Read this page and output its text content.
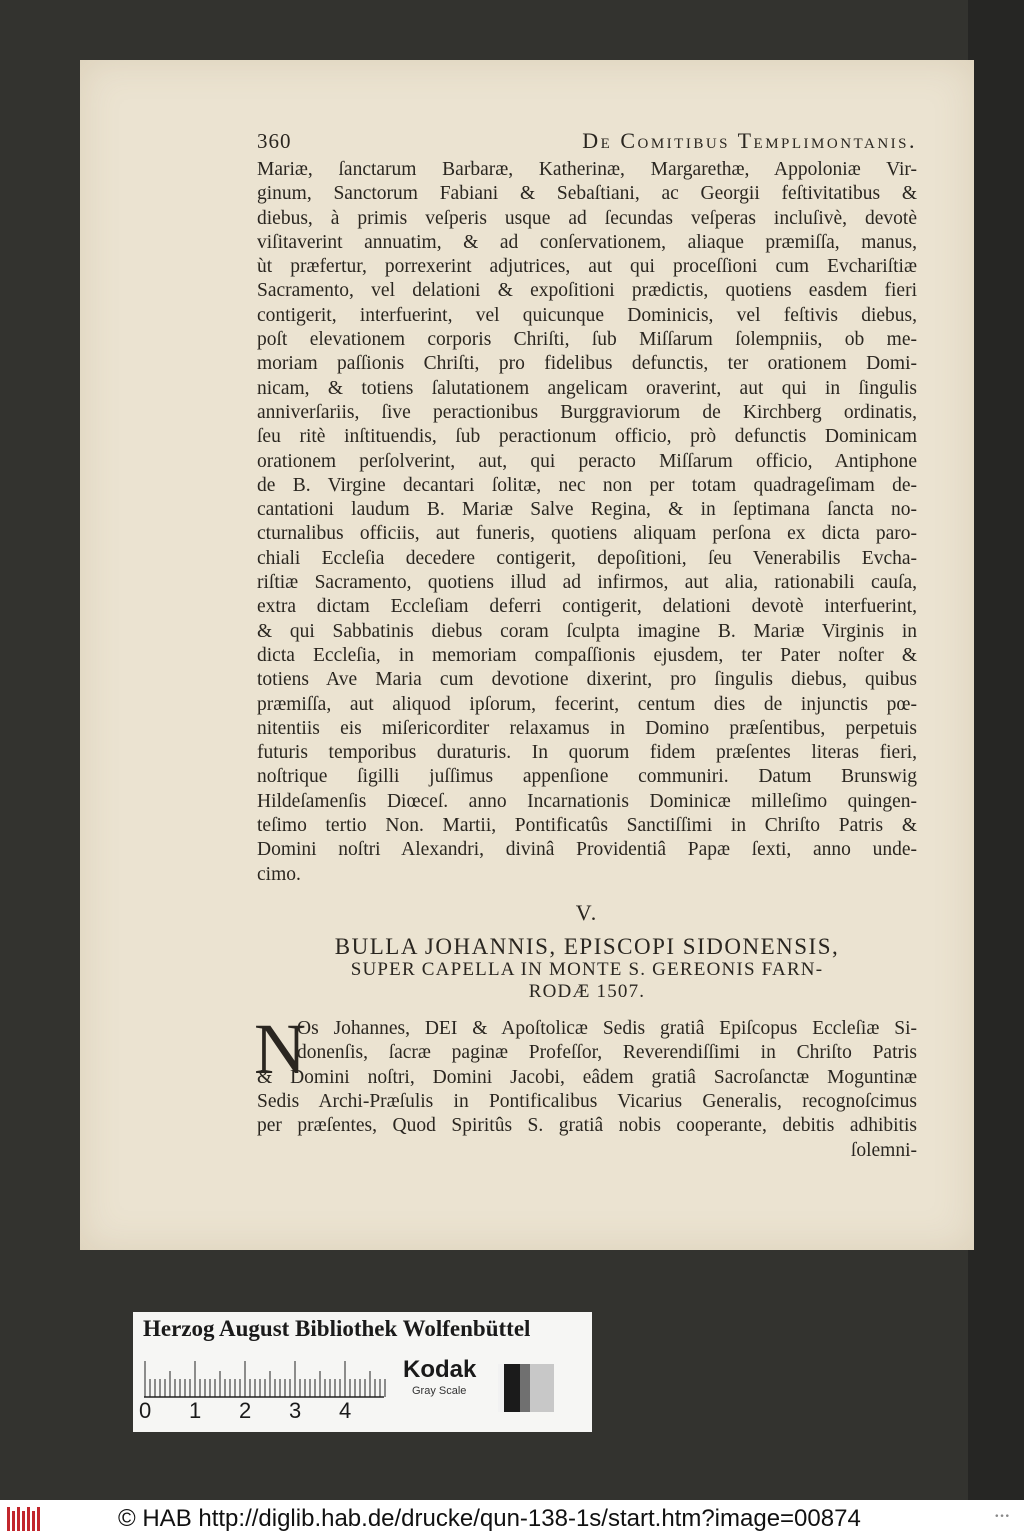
360	De Comitibus Templimontanis.

Mariæ, ſanctarum Barbaræ, Katherinæ, Margarethæ, Appoloniæ Vir-
ginum, Sanctorum Fabiani & Sebaſtiani, ac Georgii feſtivitatibus &
diebus, à primis veſperis usque ad ſecundas veſperas incluſivè, devotè
viſitaverint annuatim, & ad conſervationem, aliaque præmiſſa, manus,
ùt præfertur, porrexerint adjutrices, aut qui proceſſioni cum Evchariſtiæ
Sacramento, vel delationi & expoſitioni prædictis, quotiens easdem fieri
contigerit, interfuerint, vel quicunque Dominicis, vel feſtivis diebus,
poſt elevationem corporis Chriſti, ſub Miſſarum ſolempniis, ob me-
moriam paſſionis Chriſti, pro fidelibus defunctis, ter orationem Domi-
nicam, & totiens ſalutationem angelicam oraverint, aut qui in ſingulis
anniverſariis, ſive peractionibus Burggraviorum de Kirchberg ordinatis,
ſeu ritè inſtituendis, ſub peractionum officio, prò defunctis Dominicam
orationem perſolverint, aut, qui peracto Miſſarum officio, Antiphone
de B. Virgine decantari ſolitæ, nec non per totam quadrageſimam de-
cantationi laudum B. Mariæ Salve Regina, & in ſeptimana ſancta no-
cturnalibus officiis, aut funeris, quotiens aliquam perſona ex dicta paro-
chiali Eccleſia decedere contigerit, depoſitioni, ſeu Venerabilis Evcha-
riſtiæ Sacramento, quotiens illud ad infirmos, aut alia, rationabili cauſa,
extra dictam Eccleſiam deferri contigerit, delationi devotè interfuerint,
& qui Sabbatinis diebus coram ſculpta imagine B. Mariæ Virginis in
dicta Eccleſia, in memoriam compaſſionis ejusdem, ter Pater noſter &
totiens Ave Maria cum devotione dixerint, pro ſingulis diebus, quibus
præmiſſa, aut aliquod ipſorum, fecerint, centum dies de injunctis pœ-
nitentiis eis miſericorditer relaxamus in Domino præſentibus, perpetuis
futuris temporibus duraturis. In quorum fidem præſentes literas fieri,
noſtrique ſigilli juſſimus appenſione communiri. Datum Brunswig
Hildeſamenſis Diœceſ. anno Incarnationis Dominicæ milleſimo quingen-
teſimo tertio Non. Martii, Pontificatûs Sanctiſſimi in Chriſto Patris &
Domini noſtri Alexandri, divinâ Providentiâ Papæ ſexti, anno unde-
cimo.

V.
BULLA JOHANNIS, EPISCOPI SIDONENSIS,
SUPER CAPELLA IN MONTE S. GEREONIS FARN-
RODÆ 1507.
N

Os Johannes, DEI & Apoſtolicæ Sedis gratiâ Epiſcopus Eccleſiæ Si-
donenſis, ſacræ paginæ Profeſſor, Reverendiſſimi in Chriſto Patris
& Domini noſtri, Domini Jacobi, eâdem gratiâ Sacroſanctæ Moguntinæ
Sedis Archi-Præſulis in Pontificalibus Vicarius Generalis, recognoſcimus
per præſentes, Quod Spiritûs S. gratiâ nobis cooperante, debitis adhibitis

ſolemni-
Herzog August Bibliothek Wolfenbüttel
0 1 2 3 4
Kodak
Gray Scale
© HAB http://diglib.hab.de/drucke/qun-138-1s/start.htm?image=00874	•••
